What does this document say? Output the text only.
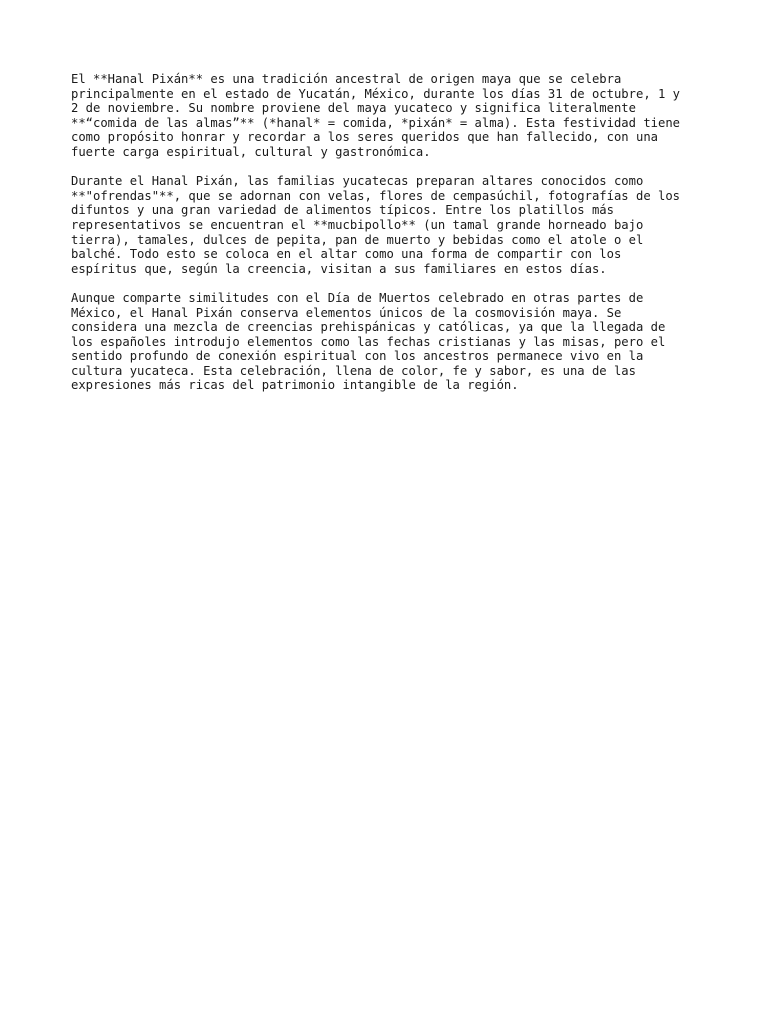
El **Hanal Pixán** es una tradición ancestral de origen maya que se celebra
principalmente en el estado de Yucatán, México, durante los días 31 de octubre, 1 y
2 de noviembre. Su nombre proviene del maya yucateco y significa literalmente
**“comida de las almas”** (*hanal* = comida, *pixán* = alma). Esta festividad tiene
como propósito honrar y recordar a los seres queridos que han fallecido, con una
fuerte carga espiritual, cultural y gastronómica.

Durante el Hanal Pixán, las familias yucatecas preparan altares conocidos como
**"ofrendas"**, que se adornan con velas, flores de cempasúchil, fotografías de los
difuntos y una gran variedad de alimentos típicos. Entre los platillos más
representativos se encuentran el **mucbipollo** (un tamal grande horneado bajo
tierra), tamales, dulces de pepita, pan de muerto y bebidas como el atole o el
balché. Todo esto se coloca en el altar como una forma de compartir con los
espíritus que, según la creencia, visitan a sus familiares en estos días.

Aunque comparte similitudes con el Día de Muertos celebrado en otras partes de
México, el Hanal Pixán conserva elementos únicos de la cosmovisión maya. Se
considera una mezcla de creencias prehispánicas y católicas, ya que la llegada de
los españoles introdujo elementos como las fechas cristianas y las misas, pero el
sentido profundo de conexión espiritual con los ancestros permanece vivo en la
cultura yucateca. Esta celebración, llena de color, fe y sabor, es una de las
expresiones más ricas del patrimonio intangible de la región.
